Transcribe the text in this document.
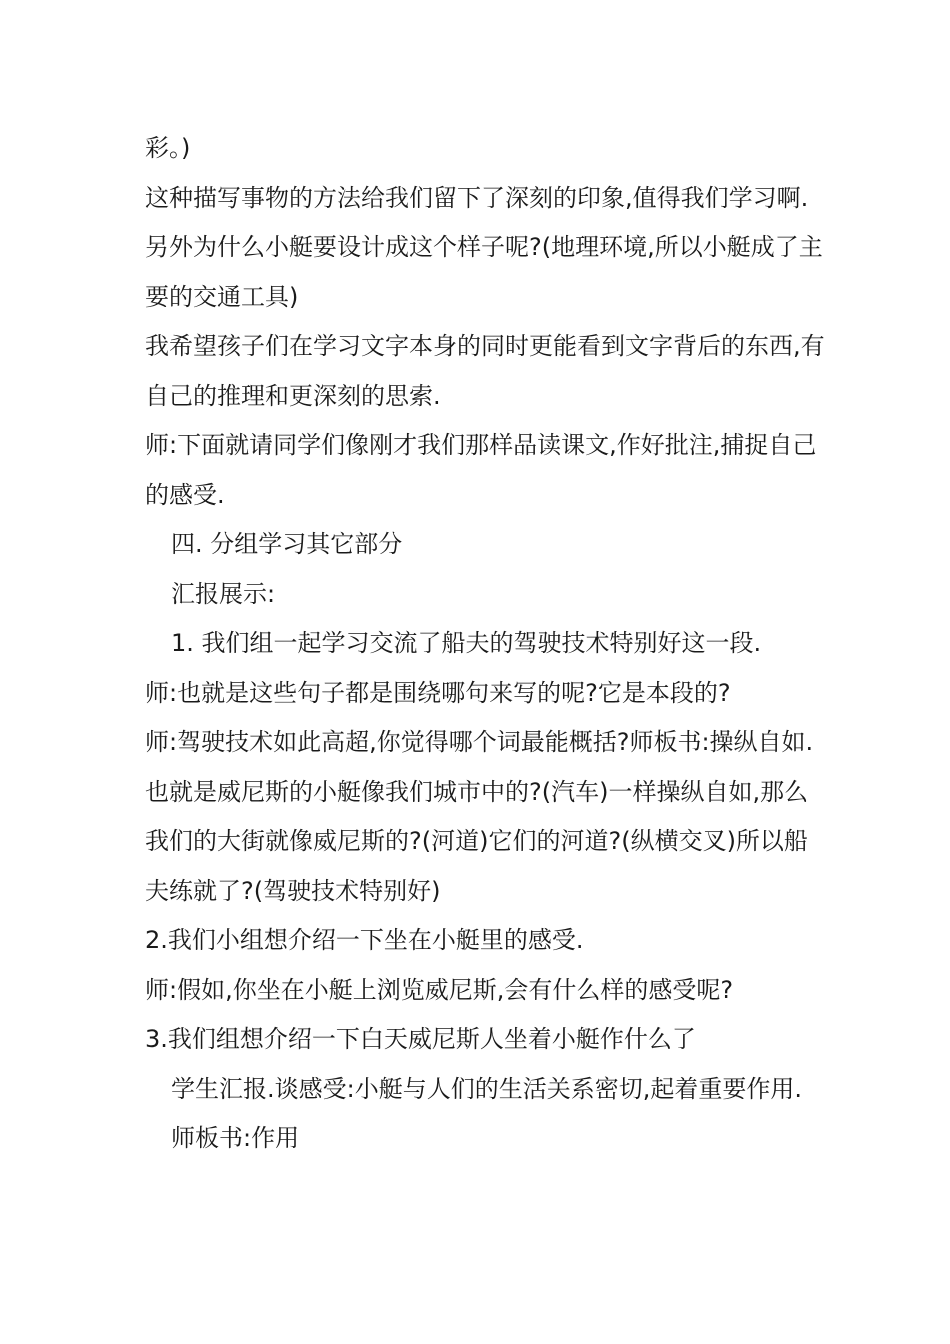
彩。)

这种描写事物的方法给我们留下了深刻的印象,值得我们学习啊.

另外为什么小艇要设计成这个样子呢?(地理环境,所以小艇成了主要的交通工具)

我希望孩子们在学习文字本身的同时更能看到文字背后的东西,有自己的推理和更深刻的思索.

师:下面就请同学们像刚才我们那样品读课文,作好批注,捕捉自己的感受.

四. 分组学习其它部分

汇报展示:

1. 我们组一起学习交流了船夫的驾驶技术特别好这一段.

师:也就是这些句子都是围绕哪句来写的呢?它是本段的?

师:驾驶技术如此高超,你觉得哪个词最能概括?师板书:操纵自如.也就是威尼斯的小艇像我们城市中的?(汽车)一样操纵自如,那么我们的大街就像威尼斯的?(河道)它们的河道?(纵横交叉)所以船夫练就了?(驾驶技术特别好)

2.我们小组想介绍一下坐在小艇里的感受.

师:假如,你坐在小艇上浏览威尼斯,会有什么样的感受呢?

3.我们组想介绍一下白天威尼斯人坐着小艇作什么了

学生汇报.谈感受:小艇与人们的生活关系密切,起着重要作用.师板书:作用
